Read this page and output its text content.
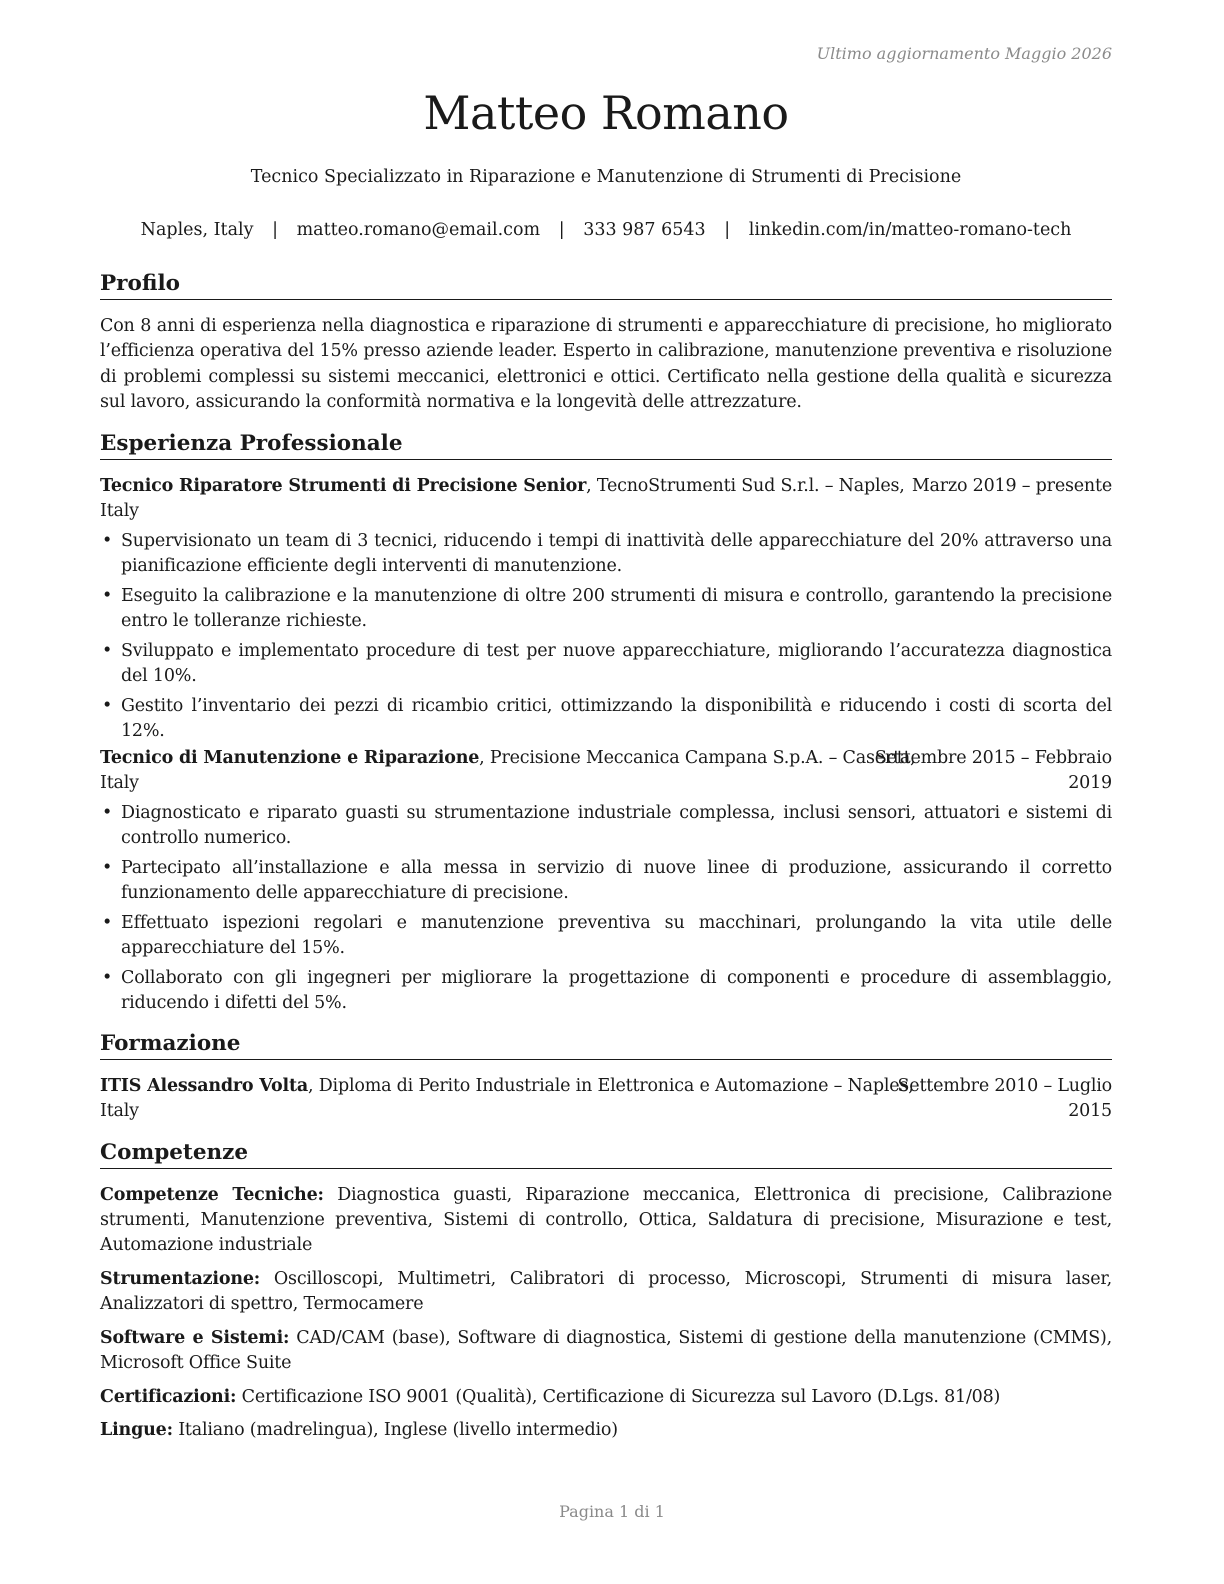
Ultimo aggiornamento Maggio 2026
Matteo Romano
Tecnico Specializzato in Riparazione e Manutenzione di Strumenti di Precisione
Naples, Italy | matteo.romano@email.com | 333 987 6543 | linkedin.com/in/matteo-romano-tech
Profilo
Con 8 anni di esperienza nella diagnostica e riparazione di strumenti e apparecchiature di precisione, ho migliorato l’efficienza operativa del 15% presso aziende leader. Esperto in calibrazione, manutenzione preventiva e risoluzione di problemi complessi su sistemi meccanici, elettronici e ottici. Certificato nella gestione della qualità e sicurezza sul lavoro, assicurando la conformità normativa e la longevità delle attrezzature.
Esperienza Professionale
Tecnico Riparatore Strumenti di Precisione Senior, TecnoStrumenti Sud S.r.l. – Naples,
Italy
Marzo 2019 – presente
• Supervisionato un team di 3 tecnici, riducendo i tempi di inattività delle apparecchiature del 20% attraverso una pianificazione efficiente degli interventi di manutenzione.
• Eseguito la calibrazione e la manutenzione di oltre 200 strumenti di misura e controllo, garantendo la precisione entro le tolleranze richieste.
• Sviluppato e implementato procedure di test per nuove apparecchiature, migliorando l’accuratezza diagnostica del 10%.
• Gestito l’inventario dei pezzi di ricambio critici, ottimizzando la disponibilità e riducendo i costi di scorta del 12%.
Tecnico di Manutenzione e Riparazione, Precisione Meccanica Campana S.p.A. – Caserta,
Italy
Settembre 2015 – Febbraio
2019
• Diagnosticato e riparato guasti su strumentazione industriale complessa, inclusi sensori, attuatori e sistemi di controllo numerico.
• Partecipato all’installazione e alla messa in servizio di nuove linee di produzione, assicurando il corretto funzionamento delle apparecchiature di precisione.
• Effettuato ispezioni regolari e manutenzione preventiva su macchinari, prolungando la vita utile delle apparecchiature del 15%.
• Collaborato con gli ingegneri per migliorare la progettazione di componenti e procedure di assemblaggio, riducendo i difetti del 5%.
Formazione
ITIS Alessandro Volta, Diploma di Perito Industriale in Elettronica e Automazione – Naples,
Italy
Settembre 2010 – Luglio
2015
Competenze
Competenze Tecniche: Diagnostica guasti, Riparazione meccanica, Elettronica di precisione, Calibrazione strumenti, Manutenzione preventiva, Sistemi di controllo, Ottica, Saldatura di precisione, Misurazione e test, Automazione industriale
Strumentazione: Oscilloscopi, Multimetri, Calibratori di processo, Microscopi, Strumenti di misura laser, Analizzatori di spettro, Termocamere
Software e Sistemi: CAD/CAM (base), Software di diagnostica, Sistemi di gestione della manutenzione (CMMS), Microsoft Office Suite
Certificazioni: Certificazione ISO 9001 (Qualità), Certificazione di Sicurezza sul Lavoro (D.Lgs. 81/08)
Lingue: Italiano (madrelingua), Inglese (livello intermedio)
Pagina 1 di 1
